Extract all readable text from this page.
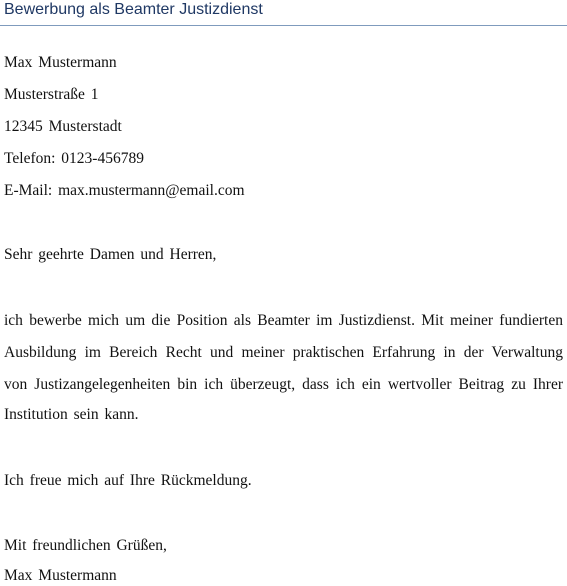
Bewerbung als Beamter Justizdienst
Max Mustermann
Musterstraße 1
12345 Musterstadt
Telefon: 0123-456789
E-Mail: max.mustermann@email.com
Sehr geehrte Damen und Herren,
ich bewerbe mich um die Position als Beamter im Justizdienst. Mit meiner fundierten
Ausbildung im Bereich Recht und meiner praktischen Erfahrung in der Verwaltung
von Justizangelegenheiten bin ich überzeugt, dass ich ein wertvoller Beitrag zu Ihrer
Institution sein kann.
Ich freue mich auf Ihre Rückmeldung.
Mit freundlichen Grüßen,
Max Mustermann
